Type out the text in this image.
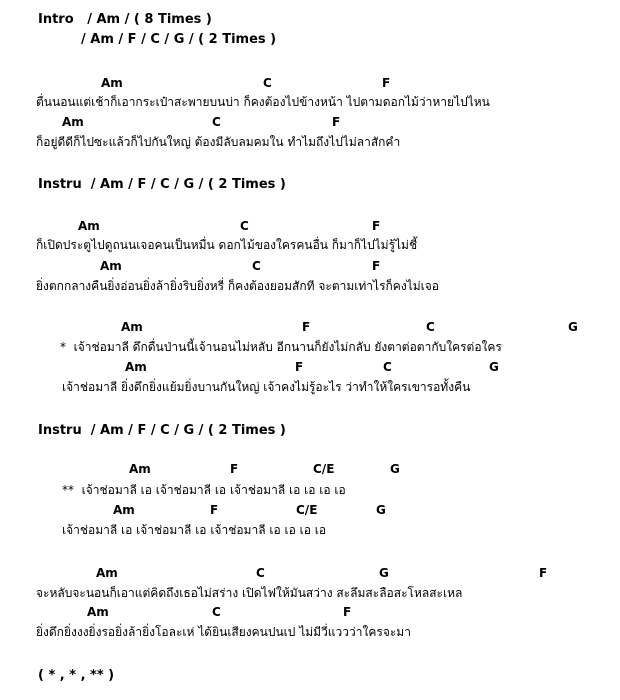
Intro   / Am / ( 8 Times )
/ Am / F / C / G / ( 2 Times )
Am	C	F
ตื่นนอนแต่เช้าก็เอากระเป๋าสะพายบนบ่า ก็คงต้องไปข้างหน้า ไปตามดอกไม้ว่าหายไปไหน
Am	C	F
ก็อยู่ดีดีก็ไปซะแล้วก็ไปกันใหญ่ ต้องมีลับลมคมใน ทำไมถึงไปไม่ลาสักคำ
Instru  / Am / F / C / G / ( 2 Times )
Am	C	F
ก็เปิดประตูไปดูถนนเจอคนเป็นหมื่น ดอกไม้ของใครคนอื่น ก็มาก็ไปไม่รู้ไม่ชี้
Am	C	F
ยิ่งตกกลางคืนยิ่งอ่อนยิ่งล้ายิ่งริบยิ่งหรี่ ก็คงต้องยอมสักที จะตามเท่าไรก็คงไม่เจอ
Am	F	C	G
*  เจ้าช่อมาลี ดึกดื่นป่านนี้เจ้านอนไม่หลับ อีกนานก็ยังไม่กลับ ยังตาต่อตากับใครต่อใคร
Am	F	C	G
เจ้าช่อมาลี ยิ่งดึกยิ่งแย้มยิ่งบานกันใหญ่ เจ้าคงไม่รู้อะไร ว่าทำให้ใครเขารอทั้งคืน
Instru  / Am / F / C / G / ( 2 Times )
Am	F	C/E	G
**  เจ้าช่อมาลี เอ เจ้าช่อมาลี เอ เจ้าช่อมาลี เอ เอ เอ เอ
Am	F	C/E	G
เจ้าช่อมาลี เอ เจ้าช่อมาลี เอ เจ้าช่อมาลี เอ เอ เอ เอ
Am	C	G	F
จะหลับจะนอนก็เอาแต่คิดถึงเธอไม่สร่าง เปิดไฟให้มันสว่าง สะลึมสะลือสะโหลสะเหล
Am	C	F
ยิ่งดึกยิ่งงงยิ่งรอยิ่งล้ายิ่งโอละเห่ ได้ยินเสียงคนปนเป ไม่มีวี่แววว่าใครจะมา
( * , * , ** )
